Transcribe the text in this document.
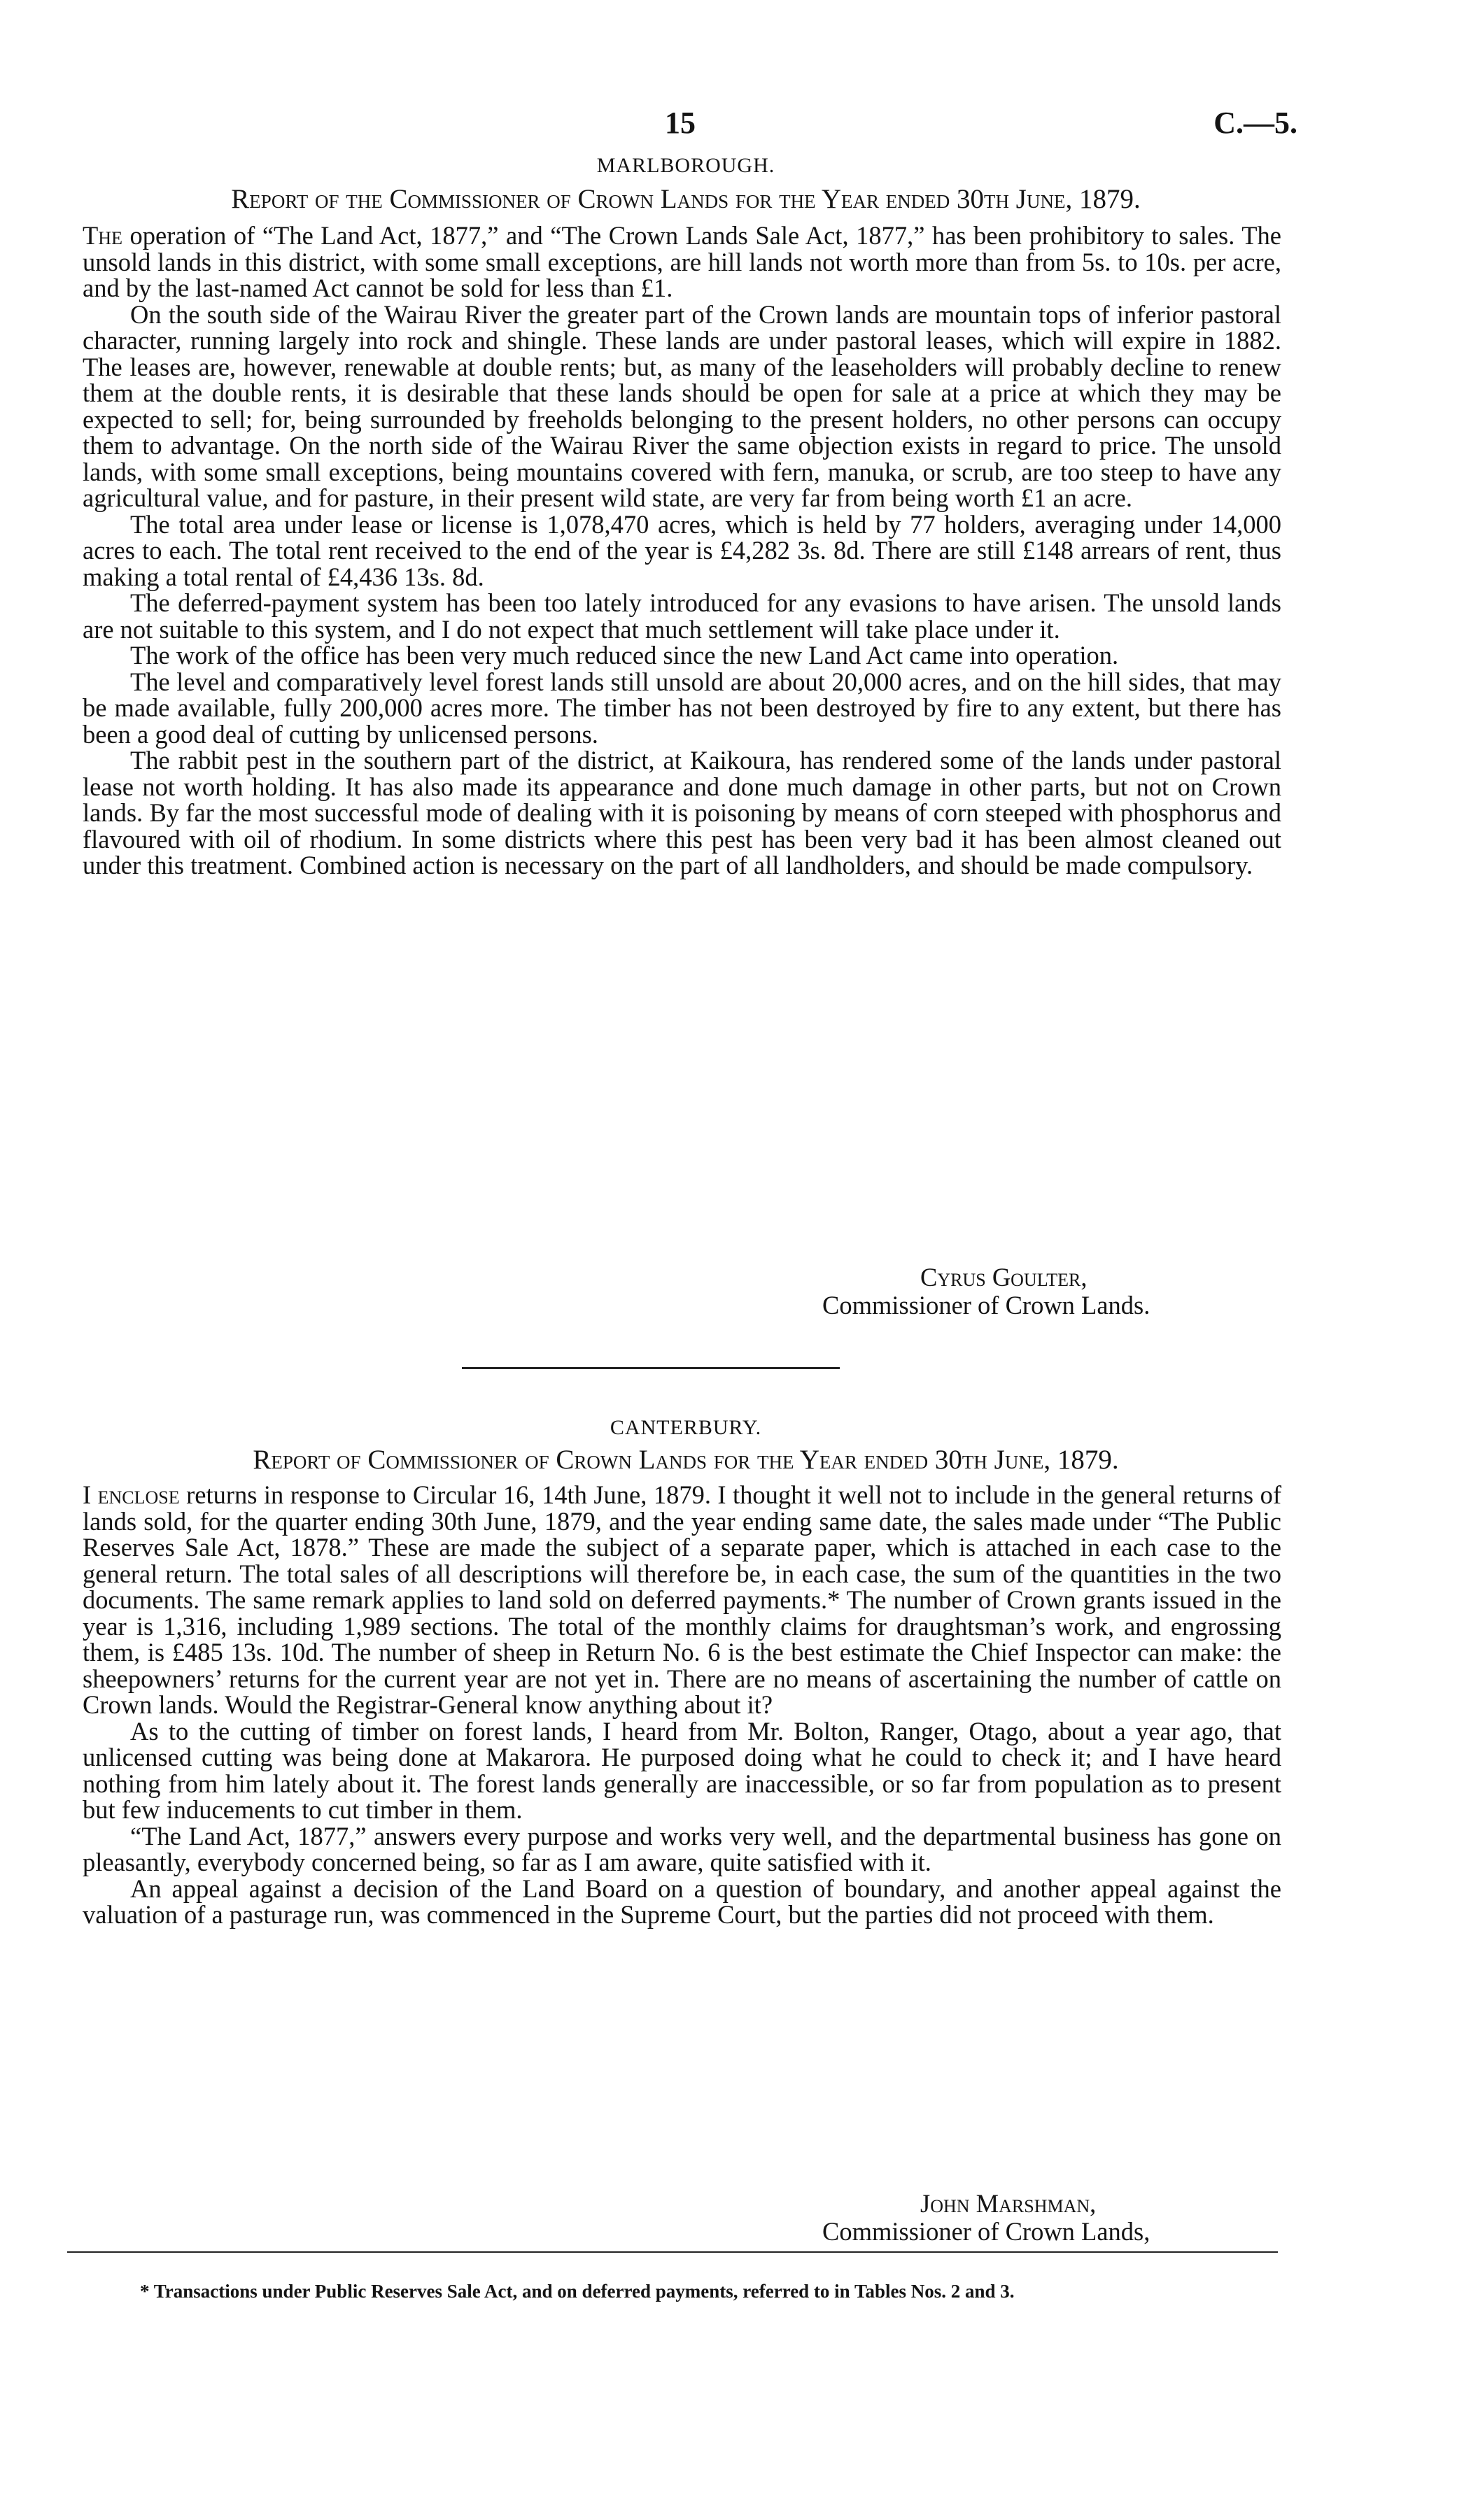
15	C.—5.
MARLBOROUGH.
Report of the Commissioner of Crown Lands for the Year ended 30th June, 1879.

The operation of “The Land Act, 1877,” and “The Crown Lands Sale Act, 1877,” has been prohibitory to sales. The unsold lands in this district, with some small exceptions, are hill lands not worth more than from 5s. to 10s. per acre, and by the last-named Act cannot be sold for less than £1.

On the south side of the Wairau River the greater part of the Crown lands are mountain tops of inferior pastoral character, running largely into rock and shingle. These lands are under pastoral leases, which will expire in 1882. The leases are, however, renewable at double rents; but, as many of the leaseholders will probably decline to renew them at the double rents, it is desirable that these lands should be open for sale at a price at which they may be expected to sell; for, being surrounded by freeholds belonging to the present holders, no other persons can occupy them to advantage. On the north side of the Wairau River the same objection exists in regard to price. The unsold lands, with some small exceptions, being mountains covered with fern, manuka, or scrub, are too steep to have any agricultural value, and for pasture, in their present wild state, are very far from being worth £1 an acre.

The total area under lease or license is 1,078,470 acres, which is held by 77 holders, averaging under 14,000 acres to each. The total rent received to the end of the year is £4,282 3s. 8d. There are still £148 arrears of rent, thus making a total rental of £4,436 13s. 8d.

The deferred-payment system has been too lately introduced for any evasions to have arisen. The unsold lands are not suitable to this system, and I do not expect that much settlement will take place under it.

The work of the office has been very much reduced since the new Land Act came into operation.

The level and comparatively level forest lands still unsold are about 20,000 acres, and on the hill sides, that may be made available, fully 200,000 acres more. The timber has not been destroyed by fire to any extent, but there has been a good deal of cutting by unlicensed persons.

The rabbit pest in the southern part of the district, at Kaikoura, has rendered some of the lands under pastoral lease not worth holding. It has also made its appearance and done much damage in other parts, but not on Crown lands. By far the most successful mode of dealing with it is poisoning by means of corn steeped with phosphorus and flavoured with oil of rhodium. In some districts where this pest has been very bad it has been almost cleaned out under this treatment. Combined action is necessary on the part of all landholders, and should be made compulsory.

Cyrus Goulter,
Commissioner of Crown Lands.
CANTERBURY.
Report of Commissioner of Crown Lands for the Year ended 30th June, 1879.

I enclose returns in response to Circular 16, 14th June, 1879. I thought it well not to include in the general returns of lands sold, for the quarter ending 30th June, 1879, and the year ending same date, the sales made under “The Public Reserves Sale Act, 1878.” These are made the subject of a separate paper, which is attached in each case to the general return. The total sales of all descriptions will therefore be, in each case, the sum of the quantities in the two documents. The same remark applies to land sold on deferred payments.* The number of Crown grants issued in the year is 1,316, including 1,989 sections. The total of the monthly claims for draughtsman’s work, and engrossing them, is £485 13s. 10d. The number of sheep in Return No. 6 is the best estimate the Chief Inspector can make: the sheepowners’ returns for the current year are not yet in. There are no means of ascertaining the number of cattle on Crown lands. Would the Registrar-General know anything about it?

As to the cutting of timber on forest lands, I heard from Mr. Bolton, Ranger, Otago, about a year ago, that unlicensed cutting was being done at Makarora. He purposed doing what he could to check it; and I have heard nothing from him lately about it. The forest lands generally are inaccessible, or so far from population as to present but few inducements to cut timber in them.

“The Land Act, 1877,” answers every purpose and works very well, and the departmental business has gone on pleasantly, everybody concerned being, so far as I am aware, quite satisfied with it.

An appeal against a decision of the Land Board on a question of boundary, and another appeal against the valuation of a pasturage run, was commenced in the Supreme Court, but the parties did not proceed with them.

John Marshman,
Commissioner of Crown Lands,
* Transactions under Public Reserves Sale Act, and on deferred payments, referred to in Tables Nos. 2 and 3.
